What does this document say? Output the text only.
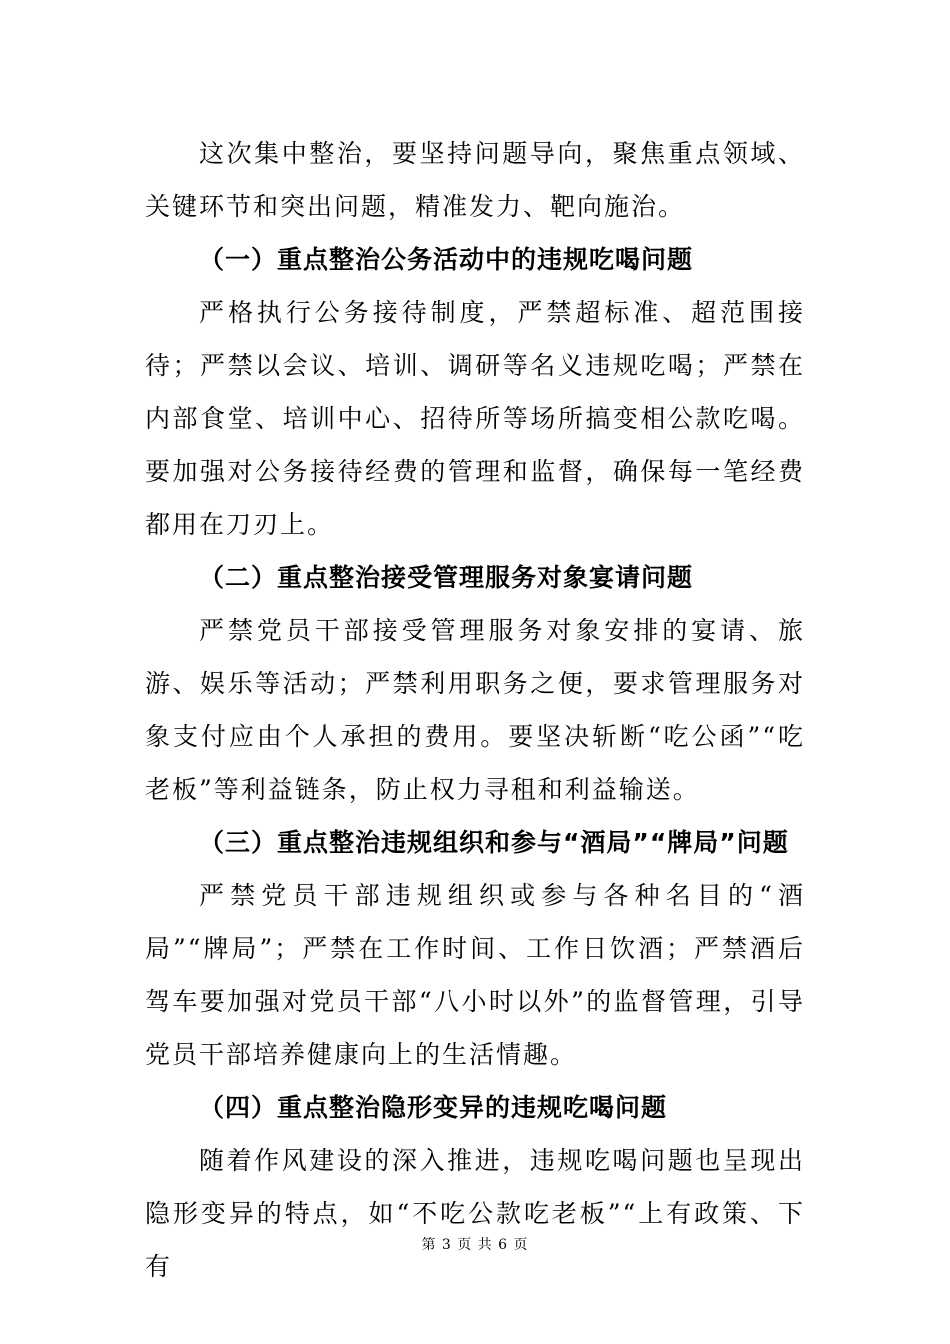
这次集中整治，要坚持问题导向，聚焦重点领域、关键环节和突出问题，精准发力、靶向施治。

（一）重点整治公务活动中的违规吃喝问题

严格执行公务接待制度，严禁超标准、超范围接待；严禁以会议、培训、调研等名义违规吃喝；严禁在内部食堂、培训中心、招待所等场所搞变相公款吃喝。要加强对公务接待经费的管理和监督，确保每一笔经费都用在刀刃上。

（二）重点整治接受管理服务对象宴请问题

严禁党员干部接受管理服务对象安排的宴请、旅游、娱乐等活动；严禁利用职务之便，要求管理服务对象支付应由个人承担的费用。要坚决斩断“吃公函”“吃老板”等利益链条，防止权力寻租和利益输送。

（三）重点整治违规组织和参与“酒局”“牌局”问题

严禁党员干部违规组织或参与各种名目的“酒局”“牌局”；严禁在工作时间、工作日饮酒；严禁酒后驾车要加强对党员干部“八小时以外”的监督管理，引导党员干部培养健康向上的生活情趣。

（四）重点整治隐形变异的违规吃喝问题

随着作风建设的深入推进，违规吃喝问题也呈现出隐形变异的特点，如“不吃公款吃老板”“上有政策、下有

第 3 页 共 6 页
